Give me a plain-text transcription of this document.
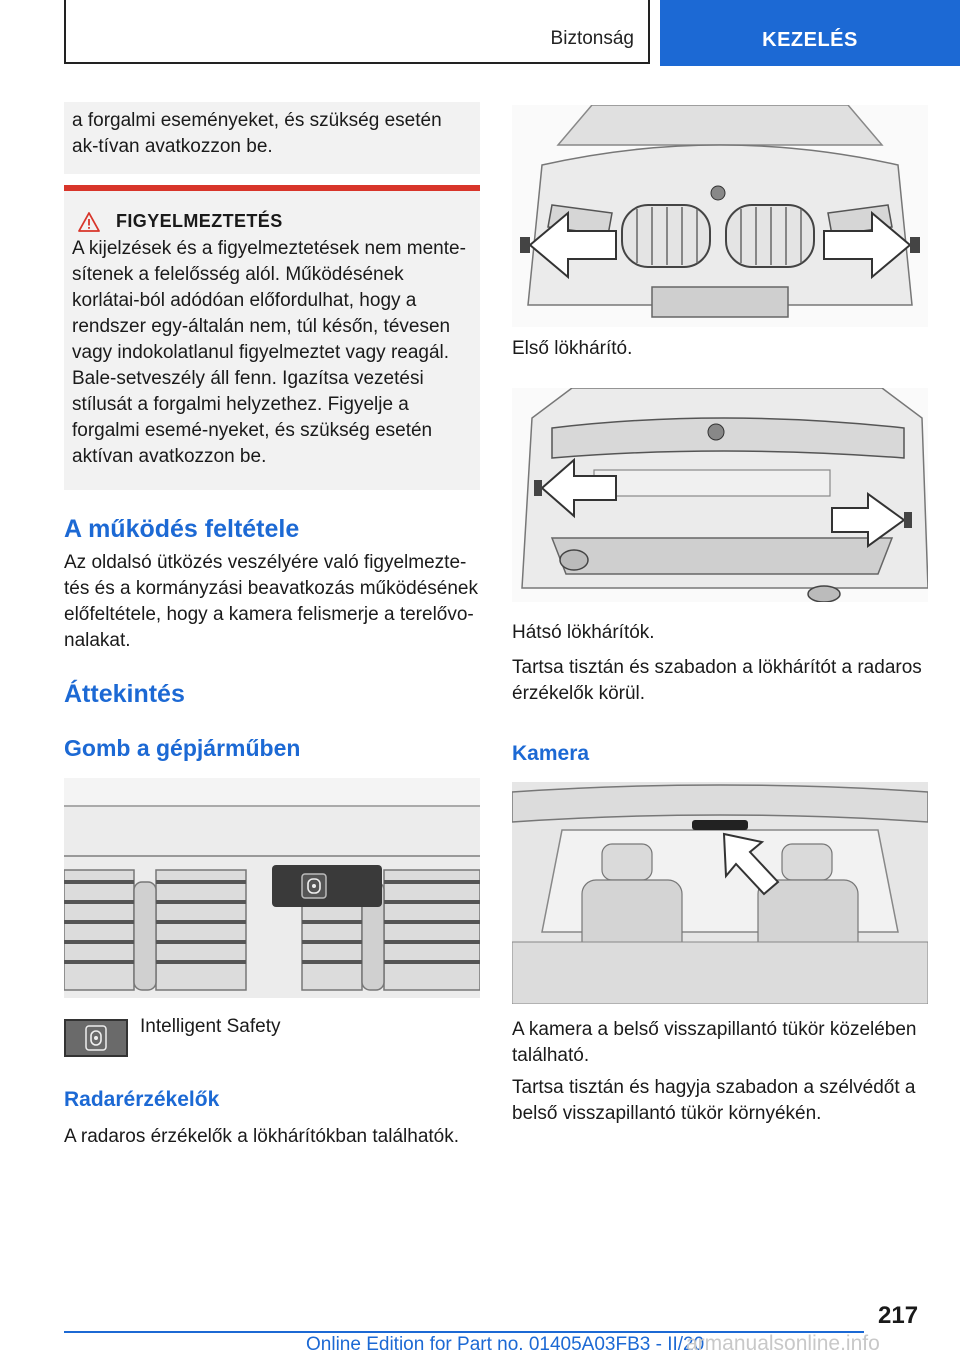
Biztonság	KEZELÉS

a forgalmi eseményeket, és szükség esetén ak-tívan avatkozzon be.

FIGYELMEZTETÉS

A kijelzések és a figyelmeztetések nem mente-sítenek a felelősség alól. Működésének korlátai-ból adódóan előfordulhat, hogy a rendszer egy-általán nem, túl későn, tévesen vagy indokolatlanul figyelmeztet vagy reagál. Bale-setveszély áll fenn. Igazítsa vezetési stílusát a forgalmi helyzethez. Figyelje a forgalmi esemé-nyeket, és szükség esetén aktívan avatkozzon be.

A működés feltétele

Az oldalsó ütközés veszélyére való figyelmezte-tés és a kormányzási beavatkozás működésének előfeltétele, hogy a kamera felismerje a terelővo-nalakat.

Áttekintés
Gomb a gépjárműben
Intelligent Safety
Radarérzékelők

A radaros érzékelők a lökhárítókban találhatók.

Első lökhárító.

Hátsó lökhárítók.

Tartsa tisztán és szabadon a lökhárítót a radaros érzékelők körül.

Kamera

A kamera a belső visszapillantó tükör közelében található.

Tartsa tisztán és hagyja szabadon a szélvédőt a belső visszapillantó tükör környékén.

217
Online Edition for Part no. 01405A03FB3 - II/20
armanualsonline.info
